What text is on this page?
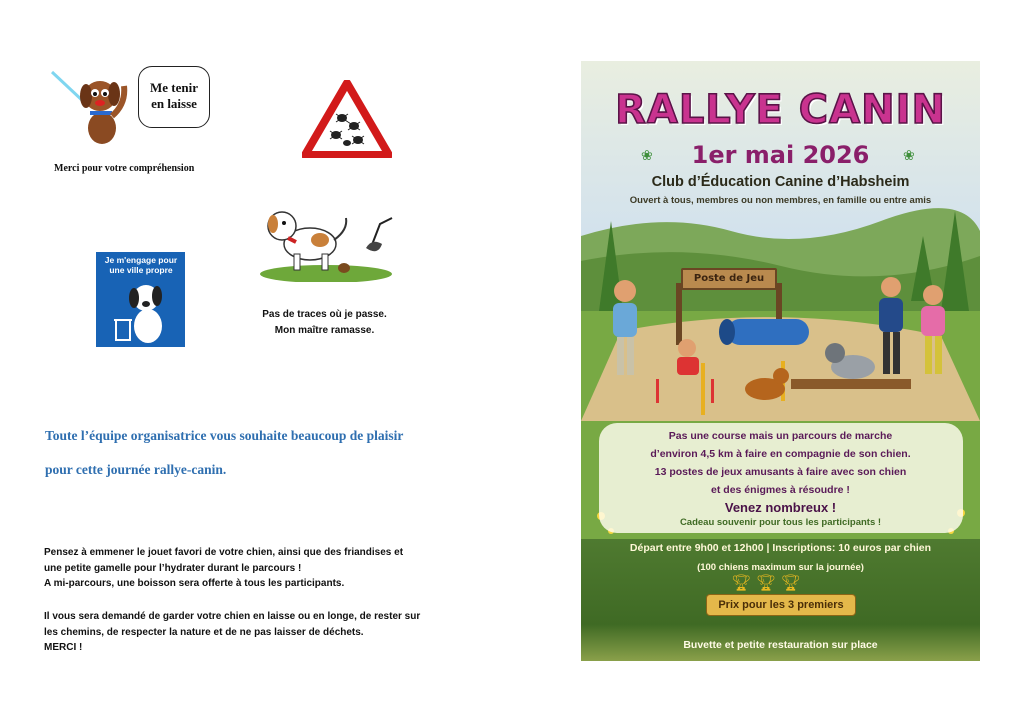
Me tenir
en laisse
Merci pour votre compréhension
Je m'engage pour
une ville propre
Pas de traces où je passe.
Mon maître ramasse.
Toute l’équipe organisatrice vous souhaite beaucoup de plaisir
pour cette journée rallye-canin.
Pensez à emmener le jouet favori de votre chien, ainsi que des friandises et
une petite gamelle pour l’hydrater durant le parcours !
A mi-parcours, une boisson sera offerte à tous les participants.
Il vous sera demandé de garder votre chien en laisse ou en longe, de rester sur
les chemins, de respecter la nature et de ne pas laisser de déchets.
MERCI !
RALLYE CANIN
1er mai 2026
❀	❀
Club d’Éducation Canine d’Habsheim
Ouvert à tous, membres ou non membres, en famille ou entre amis
Poste de Jeu
Pas une course mais un parcours de marche
d’environ 4,5 km à faire en compagnie de son chien.
13 postes de jeux amusants à faire avec son chien
et des énigmes à résoudre !
Venez nombreux !
Cadeau souvenir pour tous les participants !
Départ entre 9h00 et 12h00 | Inscriptions: 10 euros par chien
(100 chiens maximum sur la journée)
Buvette et petite restauration sur place
🏆︎ 🏆︎ 🏆︎
Prix pour les 3 premiers
